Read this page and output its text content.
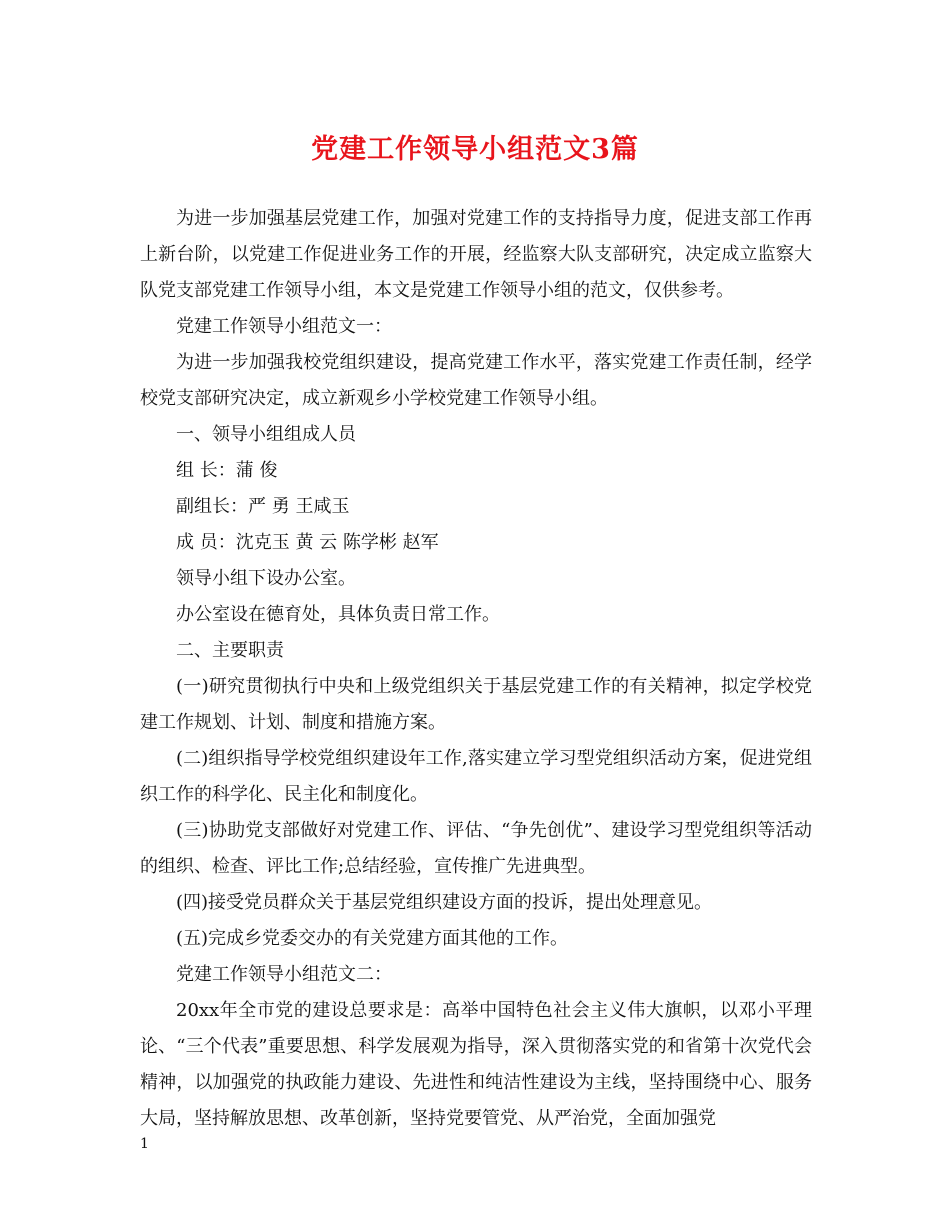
党建工作领导小组范文3篇

为进一步加强基层党建工作，加强对党建工作的支持指导力度，促进支部工作再上新台阶，以党建工作促进业务工作的开展，经监察大队支部研究，决定成立监察大队党支部党建工作领导小组，本文是党建工作领导小组的范文，仅供参考。

党建工作领导小组范文一：

为进一步加强我校党组织建设，提高党建工作水平，落实党建工作责任制，经学校党支部研究决定，成立新观乡小学校党建工作领导小组。

一、领导小组组成人员

组 长：蒲 俊

副组长：严 勇 王咸玉

成 员：沈克玉 黄 云 陈学彬 赵军

领导小组下设办公室。

办公室设在德育处，具体负责日常工作。

二、主要职责

(一)研究贯彻执行中央和上级党组织关于基层党建工作的有关精神，拟定学校党建工作规划、计划、制度和措施方案。

(二)组织指导学校党组织建设年工作,落实建立学习型党组织活动方案，促进党组织工作的科学化、民主化和制度化。

(三)协助党支部做好对党建工作、评估、“争先创优”、建设学习型党组织等活动的组织、检查、评比工作;总结经验，宣传推广先进典型。

(四)接受党员群众关于基层党组织建设方面的投诉，提出处理意见。

(五)完成乡党委交办的有关党建方面其他的工作。

党建工作领导小组范文二：

20xx年全市党的建设总要求是：高举中国特色社会主义伟大旗帜，以邓小平理论、“三个代表”重要思想、科学发展观为指导，深入贯彻落实党的和省第十次党代会精神，以加强党的执政能力建设、先进性和纯洁性建设为主线，坚持围绕中心、服务大局，坚持解放思想、改革创新，坚持党要管党、从严治党，全面加强党

1
